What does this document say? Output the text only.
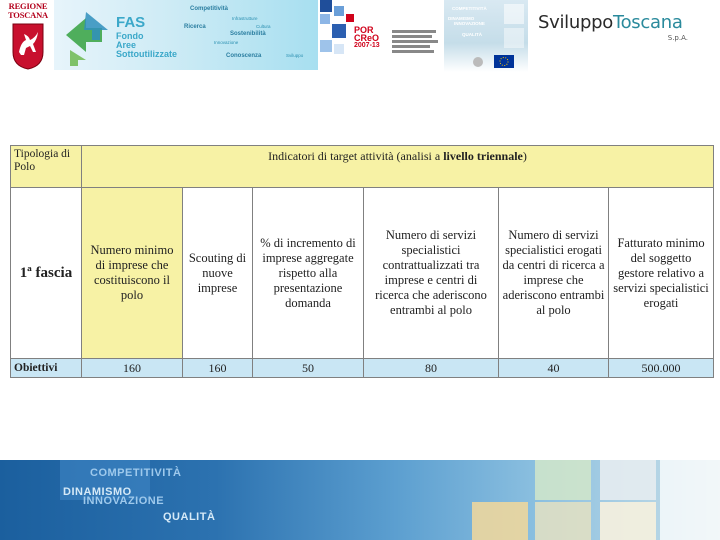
REGIONE TOSCANA	FAS
Fondo
Aree
Sottoutilizzate
Competitività
Infrastrutture
Ricerca	Cultura
Sostenibilità
Innovazione
Conoscenza	Sviluppo
POR
CReO
2007-13
COMPETITIVITÀ
DINAMISMO
INNOVAZIONE
QUALITÀ
SviluppoToscana
S.p.A.
Tipologia di Polo	Indicatori di target attività (analisi a livello triennale)					
1ª fascia	Numero minimo di imprese che costituiscono il polo	Scouting di nuove imprese	% di incremento di imprese aggregate rispetto alla presentazione domanda	Numero di servizi specialistici contrattualizzati tra imprese e centri di ricerca che aderiscono entrambi al polo	Numero di servizi specialistici erogati da centri di ricerca a imprese che aderiscono entrambi al polo	Fatturato minimo del soggetto gestore relativo a servizi specialistici erogati
Obiettivi	160	160	50	80	40	500.000
COMPETITIVITÀ
DINAMISMO
INNOVAZIONE
QUALITÀ
